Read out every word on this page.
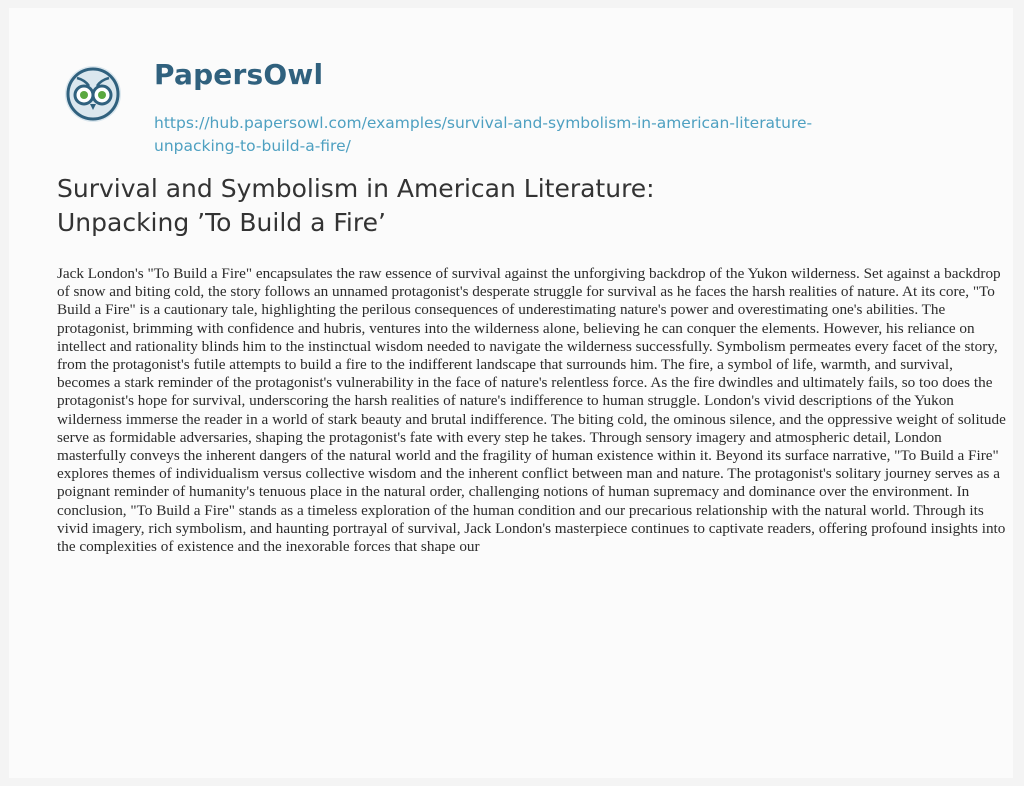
PapersOwl
https://hub.papersowl.com/examples/survival-and-symbolism-in-american-literature-
unpacking-to-build-a-fire/
Survival and Symbolism in American Literature:
Unpacking ’To Build a Fire’

Jack London's "To Build a Fire" encapsulates the raw essence of survival against the unforgiving backdrop of the Yukon wilderness. Set against a backdrop of snow and biting cold, the story follows an unnamed protagonist's desperate struggle for survival as he faces the harsh realities of nature. At its core, "To Build a Fire" is a cautionary tale, highlighting the perilous consequences of underestimating nature's power and overestimating one's abilities. The protagonist, brimming with confidence and hubris, ventures into the wilderness alone, believing he can conquer the elements. However, his reliance on intellect and rationality blinds him to the instinctual wisdom needed to navigate the wilderness successfully. Symbolism permeates every facet of the story, from the protagonist's futile attempts to build a fire to the indifferent landscape that surrounds him. The fire, a symbol of life, warmth, and survival, becomes a stark reminder of the protagonist's vulnerability in the face of nature's relentless force. As the fire dwindles and ultimately fails, so too does the protagonist's hope for survival, underscoring the harsh realities of nature's indifference to human struggle. London's vivid descriptions of the Yukon wilderness immerse the reader in a world of stark beauty and brutal indifference. The biting cold, the ominous silence, and the oppressive weight of solitude serve as formidable adversaries, shaping the protagonist's fate with every step he takes. Through sensory imagery and atmospheric detail, London masterfully conveys the inherent dangers of the natural world and the fragility of human existence within it. Beyond its surface narrative, "To Build a Fire" explores themes of individualism versus collective wisdom and the inherent conflict between man and nature. The protagonist's solitary journey serves as a poignant reminder of humanity's tenuous place in the natural order, challenging notions of human supremacy and dominance over the environment. In conclusion, "To Build a Fire" stands as a timeless exploration of the human condition and our precarious relationship with the natural world. Through its vivid imagery, rich symbolism, and haunting portrayal of survival, Jack London's masterpiece continues to captivate readers, offering profound insights into the complexities of existence and the inexorable forces that shape our
